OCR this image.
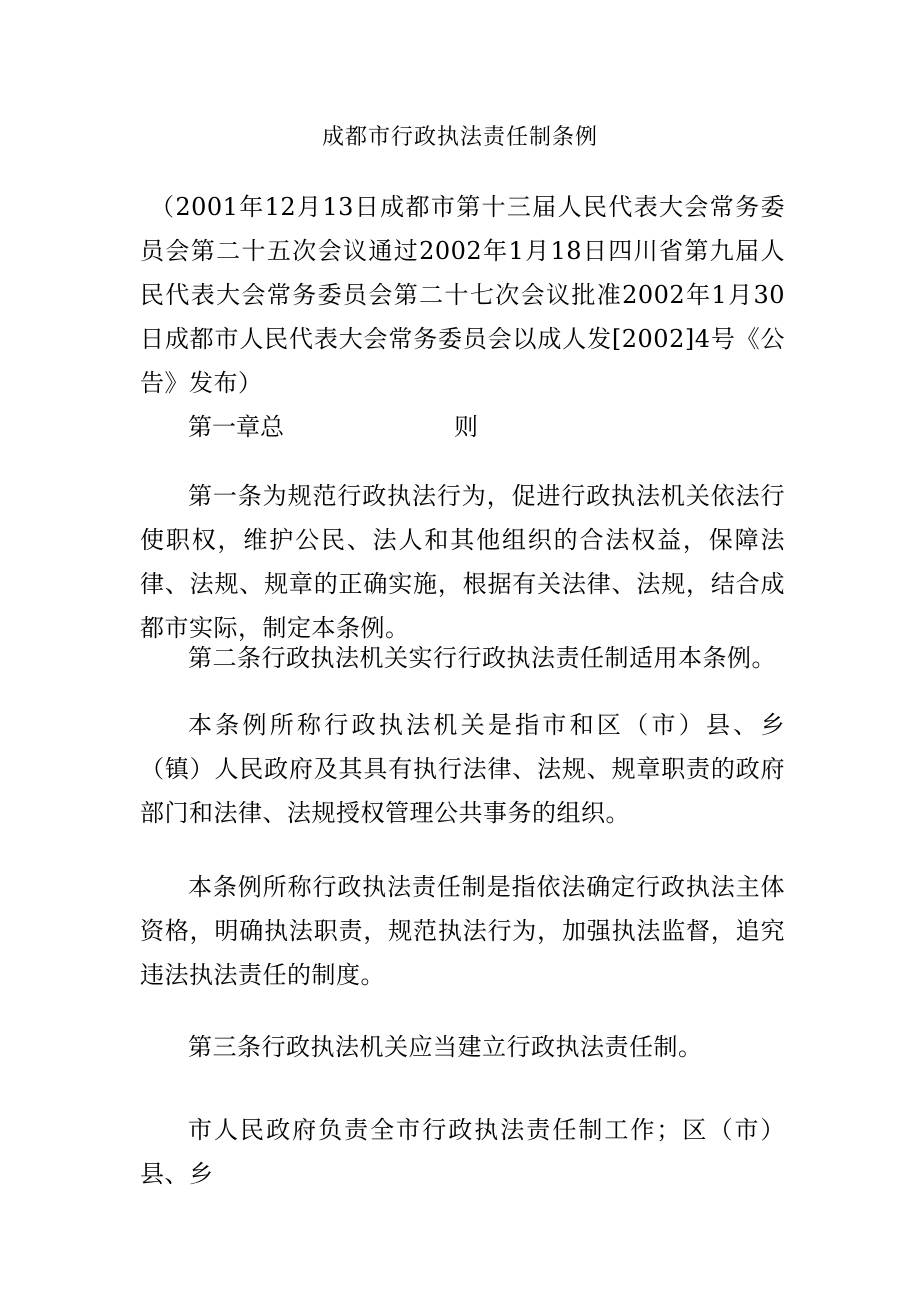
成都市行政执法责任制条例

（2001年12月13日成都市第十三届人民代表大会常务委员会第二十五次会议通过2002年1月18日四川省第九届人民代表大会常务委员会第二十七次会议批准2002年1月30日成都市人民代表大会常务委员会以成人发[2002]4号《公告》发布）

第一章总	则

第一条为规范行政执法行为，促进行政执法机关依法行使职权，维护公民、法人和其他组织的合法权益，保障法律、法规、规章的正确实施，根据有关法律、法规，结合成都市实际，制定本条例。

第二条行政执法机关实行行政执法责任制适用本条例。

本条例所称行政执法机关是指市和区（市）县、乡（镇）人民政府及其具有执行法律、法规、规章职责的政府部门和法律、法规授权管理公共事务的组织。

本条例所称行政执法责任制是指依法确定行政执法主体资格，明确执法职责，规范执法行为，加强执法监督，追究违法执法责任的制度。

第三条行政执法机关应当建立行政执法责任制。

市人民政府负责全市行政执法责任制工作；区（市）县、乡
